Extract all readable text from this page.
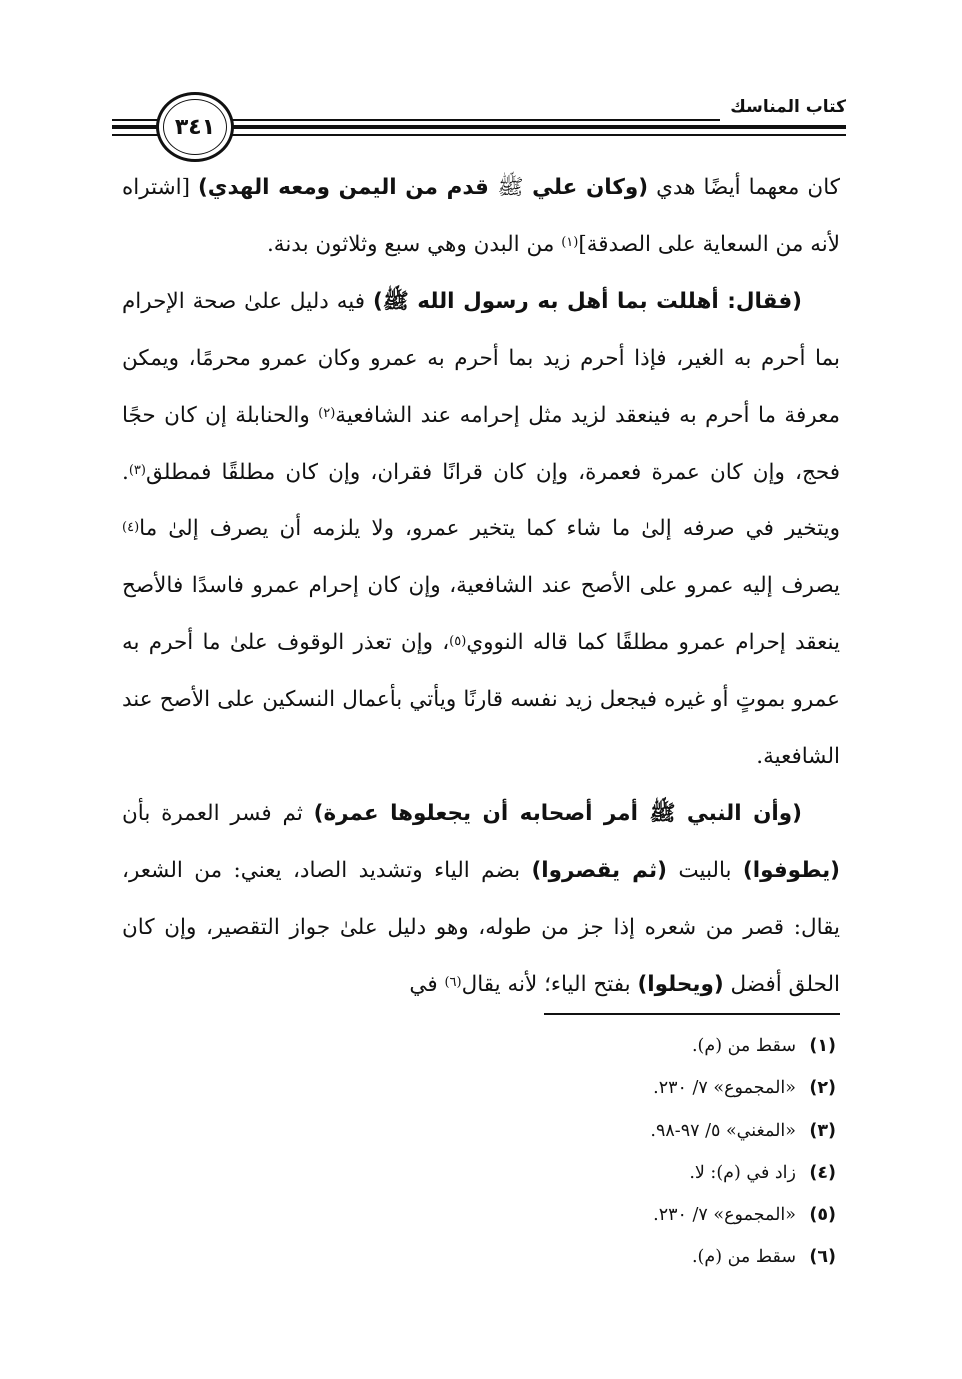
كتاب المناسك
٣٤١

كان معهما أيضًا هدي (وكان علي ﷺ قدم من اليمن ومعه الهدي) [اشتراه لأنه من السعاية على الصدقة]$^{(١)}$ من البدن وهي سبع وثلاثون بدنة.

(فقال: أهللت بما أهل به رسول الله ﷺ) فيه دليل علىٰ صحة الإحرام بما أحرم به الغير، فإذا أحرم زيد بما أحرم به عمرو وكان عمرو محرمًا، ويمكن معرفة ما أحرم به فينعقد لزيد مثل إحرامه عند الشافعية$^{(٢)}$ والحنابلة إن كان حجًا فحج، وإن كان عمرة فعمرة، وإن كان قرانًا فقران، وإن كان مطلقًا فمطلق$^{(٣)}$. ويتخير في صرفه إلىٰ ما شاء كما يتخير عمرو، ولا يلزمه أن يصرف إلىٰ ما$^{(٤)}$ يصرف إليه عمرو على الأصح عند الشافعية، وإن كان إحرام عمرو فاسدًا فالأصح ينعقد إحرام عمرو مطلقًا كما قاله النووي$^{(٥)}$، وإن تعذر الوقوف علىٰ ما أحرم به عمرو بموتٍ أو غيره فيجعل زيد نفسه قارنًا ويأتي بأعمال النسكين على الأصح عند الشافعية.

(وأن النبي ﷺ أمر أصحابه أن يجعلوها عمرة) ثم فسر العمرة بأن (يطوفوا) بالبيت (ثم يقصروا) بضم الياء وتشديد الصاد، يعني: من الشعر، يقال: قصر من شعره إذا جز من طوله، وهو دليل علىٰ جواز التقصير، وإن كان الحلق أفضل (ويحلوا) بفتح الياء؛ لأنه يقال$^{(٦)}$ في

(١)سقط من (م).
(٢)«المجموع» ٧/ ٢٣٠.
(٣)«المغني» ٥/ ٩٧-٩٨.
(٤)زاد في (م): لا.
(٥)«المجموع» ٧/ ٢٣٠.
(٦)سقط من (م).
